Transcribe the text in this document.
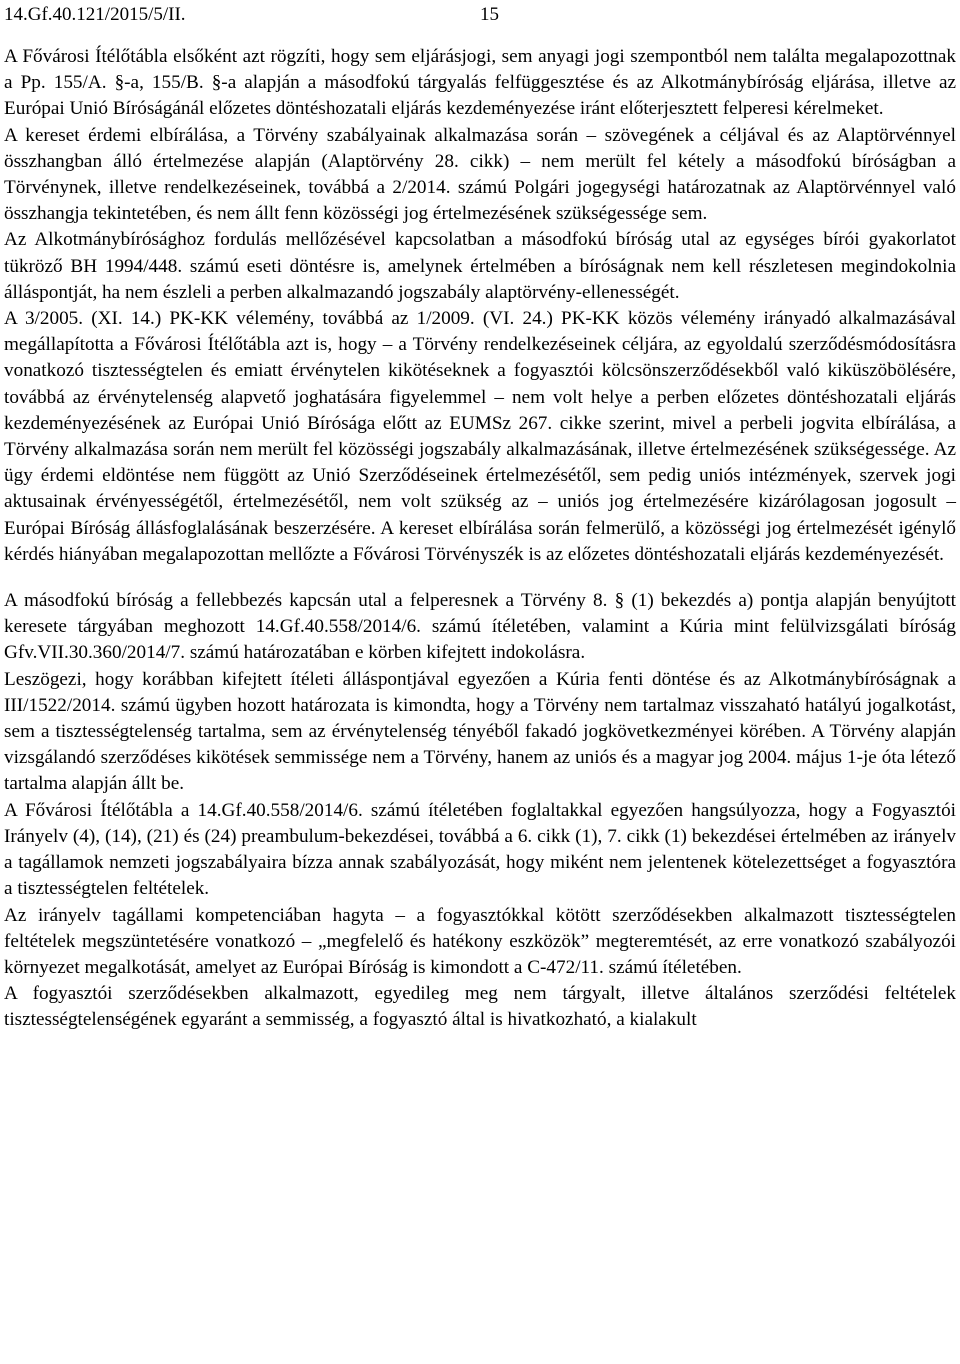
14.Gf.40.121/2015/5/II.	15

A Fővárosi Ítélőtábla elsőként azt rögzíti, hogy sem eljárásjogi, sem anyagi jogi szempontból nem találta megalapozottnak a Pp. 155/A. §-a, 155/B. §-a alapján a másodfokú tárgyalás felfüggesztése és az Alkotmánybíróság eljárása, illetve az Európai Unió Bíróságánál előzetes döntéshozatali eljárás kezdeményezése iránt előterjesztett felperesi kérelmeket.

A kereset érdemi elbírálása, a Törvény szabályainak alkalmazása során – szövegének a céljával és az Alaptörvénnyel összhangban álló értelmezése alapján (Alaptörvény 28. cikk) – nem merült fel kétely a másodfokú bíróságban a Törvénynek, illetve rendelkezéseinek, továbbá a 2/2014. számú Polgári jogegységi határozatnak az Alaptörvénnyel való összhangja tekintetében, és nem állt fenn közösségi jog értelmezésének szükségessége sem.

Az Alkotmánybírósághoz fordulás mellőzésével kapcsolatban a másodfokú bíróság utal az egységes bírói gyakorlatot tükröző BH 1994/448. számú eseti döntésre is, amelynek értelmében a bíróságnak nem kell részletesen megindokolnia álláspontját, ha nem észleli a perben alkalmazandó jogszabály alaptörvény-ellenességét.

A 3/2005. (XI. 14.) PK-KK vélemény, továbbá az 1/2009. (VI. 24.) PK-KK közös vélemény irányadó alkalmazásával megállapította a Fővárosi Ítélőtábla azt is, hogy – a Törvény rendelkezéseinek céljára, az egyoldalú szerződésmódosításra vonatkozó tisztességtelen és emiatt érvénytelen kikötéseknek a fogyasztói kölcsönszerződésekből való kiküszöbölésére, továbbá az érvénytelenség alapvető joghatására figyelemmel – nem volt helye a perben előzetes döntéshozatali eljárás kezdeményezésének az Európai Unió Bírósága előtt az EUMSz 267. cikke szerint, mivel a perbeli jogvita elbírálása, a Törvény alkalmazása során nem merült fel közösségi jogszabály alkalmazásának, illetve értelmezésének szükségessége. Az ügy érdemi eldöntése nem függött az Unió Szerződéseinek értelmezésétől, sem pedig uniós intézmények, szervek jogi aktusainak érvényességétől, értelmezésétől, nem volt szükség az – uniós jog értelmezésére kizárólagosan jogosult – Európai Bíróság állásfoglalásának beszerzésére. A kereset elbírálása során felmerülő, a közösségi jog értelmezését igénylő kérdés hiányában megalapozottan mellőzte a Fővárosi Törvényszék is az előzetes döntéshozatali eljárás kezdeményezését.

A másodfokú bíróság a fellebbezés kapcsán utal a felperesnek a Törvény 8. § (1) bekezdés a) pontja alapján benyújtott keresete tárgyában meghozott 14.Gf.40.558/2014/6. számú ítéletében, valamint a Kúria mint felülvizsgálati bíróság Gfv.VII.30.360/2014/7. számú határozatában e körben kifejtett indokolásra.

Leszögezi, hogy korábban kifejtett ítéleti álláspontjával egyezően a Kúria fenti döntése és az Alkotmánybíróságnak a III/1522/2014. számú ügyben hozott határozata is kimondta, hogy a Törvény nem tartalmaz visszaható hatályú jogalkotást, sem a tisztességtelenség tartalma, sem az érvénytelenség tényéből fakadó jogkövetkezményei körében. A Törvény alapján vizsgálandó szerződéses kikötések semmissége nem a Törvény, hanem az uniós és a magyar jog 2004. május 1-je óta létező tartalma alapján állt be.

A Fővárosi Ítélőtábla a 14.Gf.40.558/2014/6. számú ítéletében foglaltakkal egyezően hangsúlyozza, hogy a Fogyasztói Irányelv (4), (14), (21) és (24) preambulum-bekezdései, továbbá a 6. cikk (1), 7. cikk (1) bekezdései értelmében az irányelv a tagállamok nemzeti jogszabályaira bízza annak szabályozását, hogy miként nem jelentenek kötelezettséget a fogyasztóra a tisztességtelen feltételek.

Az irányelv tagállami kompetenciában hagyta – a fogyasztókkal kötött szerződésekben alkalmazott tisztességtelen feltételek megszüntetésére vonatkozó – „megfelelő és hatékony eszközök” megteremtését, az erre vonatkozó szabályozói környezet megalkotását, amelyet az Európai Bíróság is kimondott a C-472/11. számú ítéletében.

A fogyasztói szerződésekben alkalmazott, egyedileg meg nem tárgyalt, illetve általános szerződési feltételek tisztességtelenségének egyaránt a semmisség, a fogyasztó által is hivatkozható, a kialakult
